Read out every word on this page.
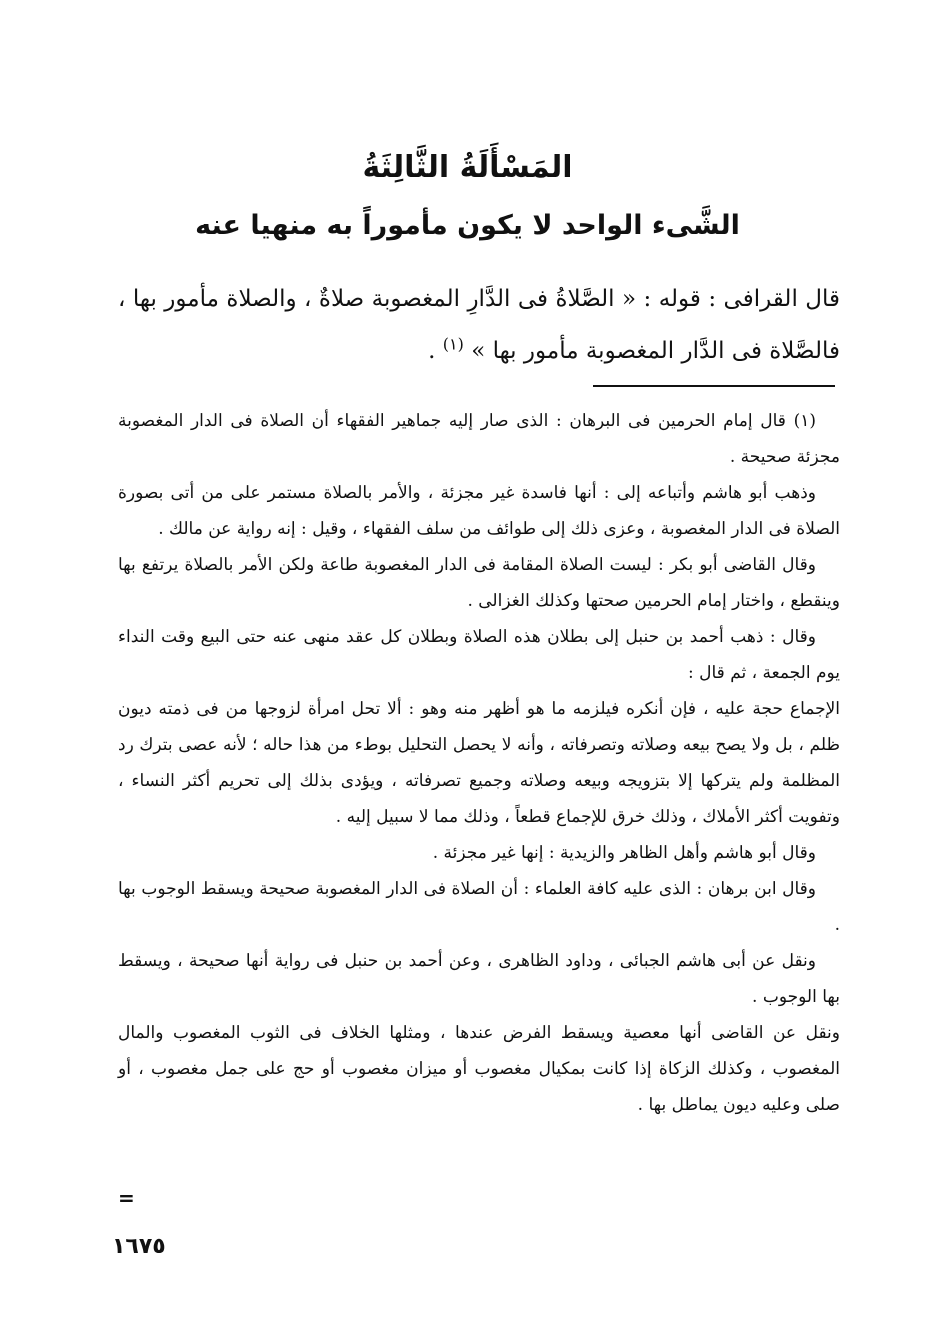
المَسْأَلَةُ الثَّالِثَةُ
الشَّىء الواحد لا يكون مأموراً به منهيا عنه
قال القرافى : قوله : « الصَّلاةُ فى الدَّارِ المغصوبة صلاةٌ ، والصلاة مأمور بها ، فالصَّلاة فى الدَّار المغصوبة مأمور بها » $^{(١)}$ .

(١) قال إمام الحرمين فى البرهان : الذى صار إليه جماهير الفقهاء أن الصلاة فى الدار المغصوبة مجزئة صحيحة .

وذهب أبو هاشم وأتباعه إلى : أنها فاسدة غير مجزئة ، والأمر بالصلاة مستمر على من أتى بصورة الصلاة فى الدار المغصوبة ، وعزى ذلك إلى طوائف من سلف الفقهاء ، وقيل : إنه رواية عن مالك .

وقال القاضى أبو بكر : ليست الصلاة المقامة فى الدار المغصوبة طاعة ولكن الأمر بالصلاة يرتفع بها وينقطع ، واختار إمام الحرمين صحتها وكذلك الغزالى .

وقال : ذهب أحمد بن حنبل إلى بطلان هذه الصلاة وبطلان كل عقد منهى عنه حتى البيع وقت النداء يوم الجمعة ، ثم قال :

الإجماع حجة عليه ، فإن أنكره فيلزمه ما هو أظهر منه وهو : ألا تحل امرأة لزوجها من فى ذمته ديون ظلم ، بل ولا يصح بيعه وصلاته وتصرفاته ، وأنه لا يحصل التحليل بوطء من هذا حاله ؛ لأنه عصى بترك رد المظلمة ولم يتركها إلا بتزويجه وبيعه وصلاته وجميع تصرفاته ، ويؤدى بذلك إلى تحريم أكثر النساء ، وتفويت أكثر الأملاك ، وذلك خرق للإجماع قطعاً ، وذلك مما لا سبيل إليه .

وقال أبو هاشم وأهل الظاهر والزيدية : إنها غير مجزئة .

وقال ابن برهان : الذى عليه كافة العلماء : أن الصلاة فى الدار المغصوبة صحيحة ويسقط الوجوب بها .

ونقل عن أبى هاشم الجبائى ، وداود الظاهرى ، وعن أحمد بن حنبل فى رواية أنها صحيحة ، ويسقط بها الوجوب .

ونقل عن القاضى أنها معصية ويسقط الفرض عندها ، ومثلها الخلاف فى الثوب المغصوب والمال المغصوب ، وكذلك الزكاة إذا كانت بمكيال مغصوب أو ميزان مغصوب أو حج على جمل مغصوب ، أو صلى وعليه ديون يماطل بها .

=
١٦٧٥
